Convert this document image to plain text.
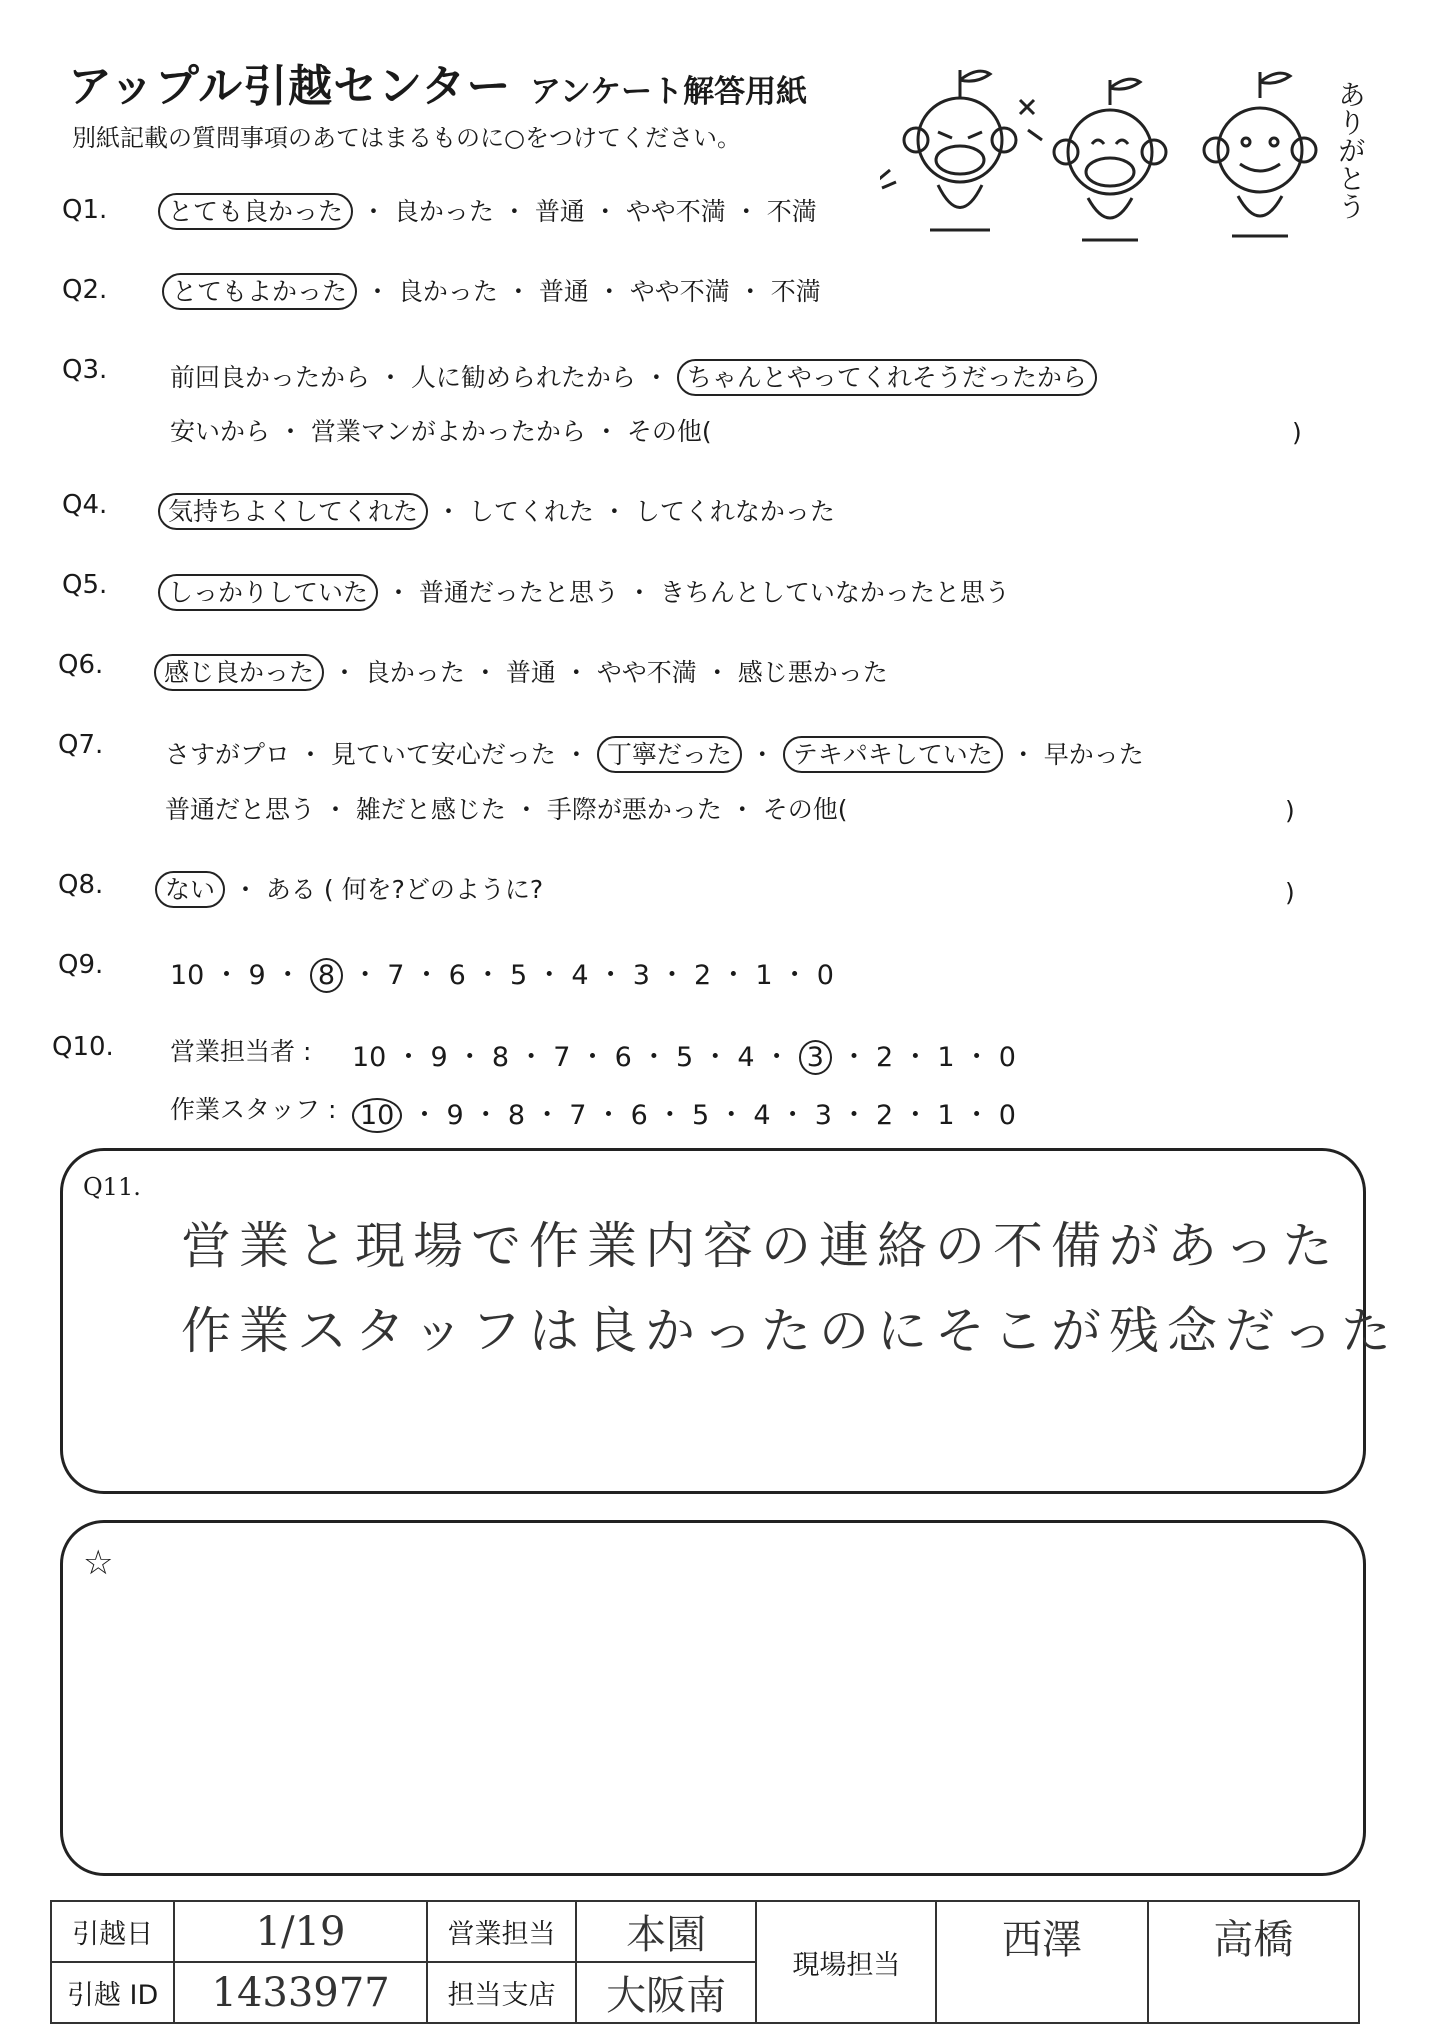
アップル引越センター アンケート解答用紙
別紙記載の質問事項のあてはまるものに○をつけてください。	ありがとう
Q1.	とても良かった ・ 良かった ・ 普通 ・ やや不満 ・ 不満
Q2.	とてもよかった ・ 良かった ・ 普通 ・ やや不満 ・ 不満
Q3.	前回良かったから ・ 人に勧められたから ・ ちゃんとやってくれそうだったから
安いから ・ 営業マンがよかったから ・ その他(	)
Q4.	気持ちよくしてくれた ・ してくれた ・ してくれなかった
Q5.	しっかりしていた ・ 普通だったと思う ・ きちんとしていなかったと思う
Q6.	感じ良かった ・ 良かった ・ 普通 ・ やや不満 ・ 感じ悪かった
Q7. さすがプロ ・ 見ていて安心だった ・ 丁寧だった ・ テキパキしていた ・ 早かった
普通だと思う ・ 雑だと感じた ・ 手際が悪かった ・ その他(	)
Q8.	ない ・ ある ( 何を?どのように?	)
Q9. 10 ・ 9 ・ 8 ・ 7 ・ 6 ・ 5 ・ 4 ・ 3 ・ 2 ・ 1 ・ 0
Q10. 営業担当者 : 10 ・ 9 ・ 8 ・ 7 ・ 6 ・ 5 ・ 4 ・ 3 ・ 2 ・ 1 ・ 0
作業スタッフ : 10 ・ 9 ・ 8 ・ 7 ・ 6 ・ 5 ・ 4 ・ 3 ・ 2 ・ 1 ・ 0
Q11.
営業と現場で作業内容の連絡の不備があった
作業スタッフは良かったのにそこが残念だった
☆
引越日	1/19	営業担当	本園	現場担当	西澤	高橋
引越 ID	1433977	担当支店	大阪南			
